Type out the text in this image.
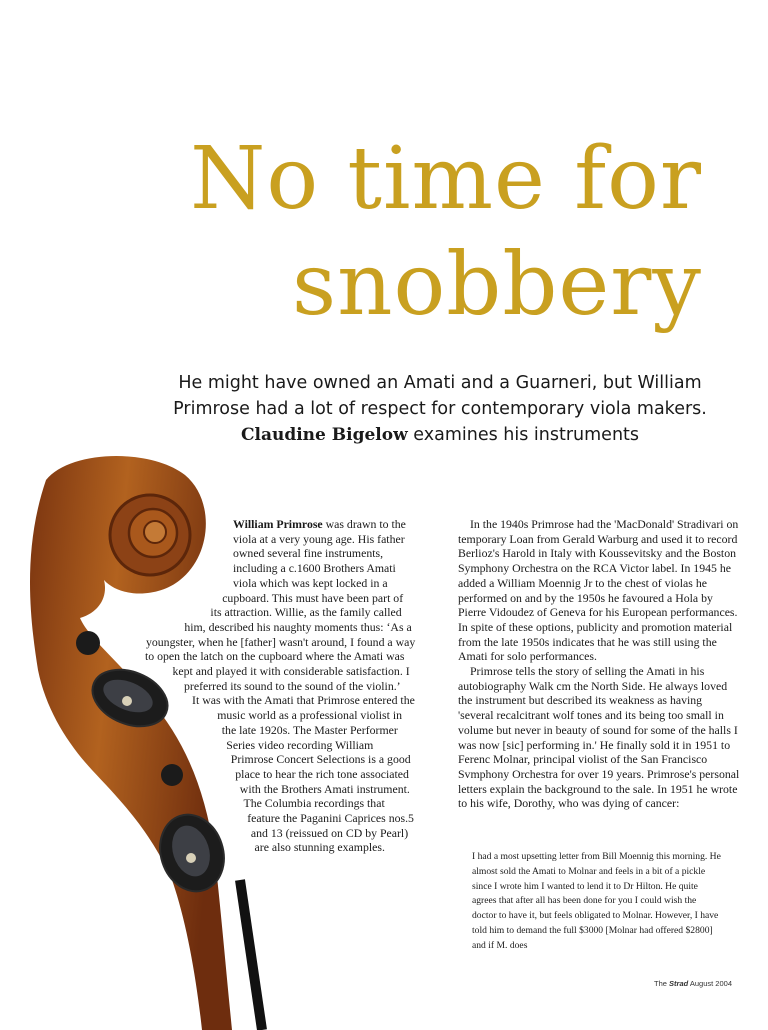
No time for
snobbery

He might have owned an Amati and a Guarneri, but William Primrose had a lot of respect for contemporary viola makers. Claudine Bigelow examines his instruments

William Primrose was drawn to the viola at a very young age. His father owned several fine instruments, including a c.1600 Brothers Amati viola which was kept locked in a cupboard. This must have been part of its attraction. Willie, as the family called him, described his naughty moments thus: ‘As a youngster, when he [father] wasn't around, I found a way to open the latch on the cupboard where the Amati was kept and played it with considerable satisfaction. I preferred its sound to the sound of the violin.’

It was with the Amati that Primrose entered the music world as a professional violist in the late 1920s. The Master Performer Series video recording William Primrose Concert Selections is a good place to hear the rich tone associated with the Brothers Amati instrument. The Columbia recordings that feature the Paganini Caprices nos.5 and 13 (reissued on CD by Pearl) are also stunning examples.

In the 1940s Primrose had the 'MacDonald' Stradivari on temporary Loan from Gerald Warburg and used it to record Berlioz's Harold in Italy with Koussevitsky and the Boston Symphony Orchestra on the RCA Victor label. In 1945 he added a William Moennig Jr to the chest of violas he performed on and by the 1950s he favoured a Hola by Pierre Vidoudez of Geneva for his European performances. In spite of these options, publicity and promotion material from the late 1950s indicates that he was still using the Amati for solo performances.

Primrose tells the story of selling the Amati in his autobiography Walk cm the North Side. He always loved the instrument but described its weakness as having 'several recalcitrant wolf tones and its being too small in volume but never in beauty of sound for some of the halls I was now [sic] performing in.' He finally sold it in 1951 to Ferenc Molnar, principal violist of the San Francisco Svmphony Orchestra for over 19 years. Primrose's personal letters explain the background to the sale. In 1951 he wrote to his wife, Dorothy, who was dying of cancer:

I had a most upsetting letter from Bill Moennig this morning. He almost sold the Amati to Molnar and feels in a bit of a pickle since I wrote him I wanted to lend it to Dr Hilton. He quite agrees that after all has been done for you I could wish the doctor to have it, but feels obligated to Molnar. However, I have told him to demand the full $3000 [Molnar had offered $2800] and if M. does

The Strad August 2004
